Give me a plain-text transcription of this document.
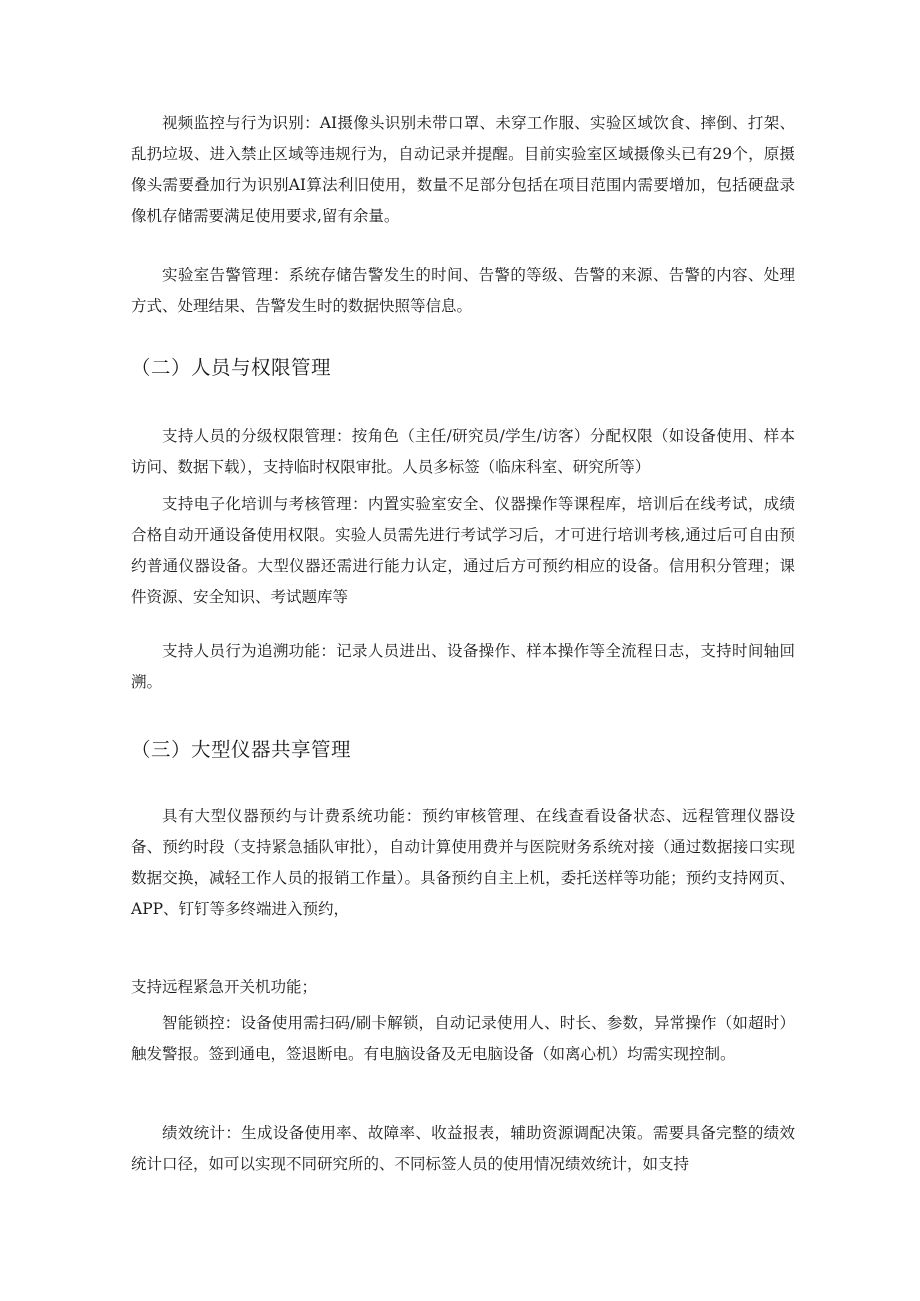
视频监控与行为识别：AI摄像头识别未带口罩、未穿工作服、实验区域饮食、摔倒、打架、乱扔垃圾、进入禁止区域等违规行为，自动记录并提醒。目前实验室区域摄像头已有29个，原摄像头需要叠加行为识别AI算法利旧使用，数量不足部分包括在项目范围内需要增加，包括硬盘录像机存储需要满足使用要求,留有余量。

实验室告警管理：系统存储告警发生的时间、告警的等级、告警的来源、告警的内容、处理方式、处理结果、告警发生时的数据快照等信息。

（二）人员与权限管理

支持人员的分级权限管理：按角色（主任/研究员/学生/访客）分配权限（如设备使用、样本访问、数据下载），支持临时权限审批。人员多标签（临床科室、研究所等）

支持电子化培训与考核管理：内置实验室安全、仪器操作等课程库，培训后在线考试，成绩合格自动开通设备使用权限。实验人员需先进行考试学习后，才可进行培训考核,通过后可自由预约普通仪器设备。大型仪器还需进行能力认定，通过后方可预约相应的设备。信用积分管理；课件资源、安全知识、考试题库等

支持人员行为追溯功能：记录人员进出、设备操作、样本操作等全流程日志，支持时间轴回溯。

（三）大型仪器共享管理

具有大型仪器预约与计费系统功能：预约审核管理、在线查看设备状态、远程管理仪器设备、预约时段（支持紧急插队审批），自动计算使用费并与医院财务系统对接（通过数据接口实现数据交换，减轻工作人员的报销工作量）。具备预约自主上机，委托送样等功能；预约支持网页、APP、钉钉等多终端进入预约，

支持远程紧急开关机功能；

智能锁控：设备使用需扫码/刷卡解锁，自动记录使用人、时长、参数，异常操作（如超时）触发警报。签到通电，签退断电。有电脑设备及无电脑设备（如离心机）均需实现控制。

绩效统计：生成设备使用率、故障率、收益报表，辅助资源调配决策。需要具备完整的绩效统计口径，如可以实现不同研究所的、不同标签人员的使用情况绩效统计，如支持
